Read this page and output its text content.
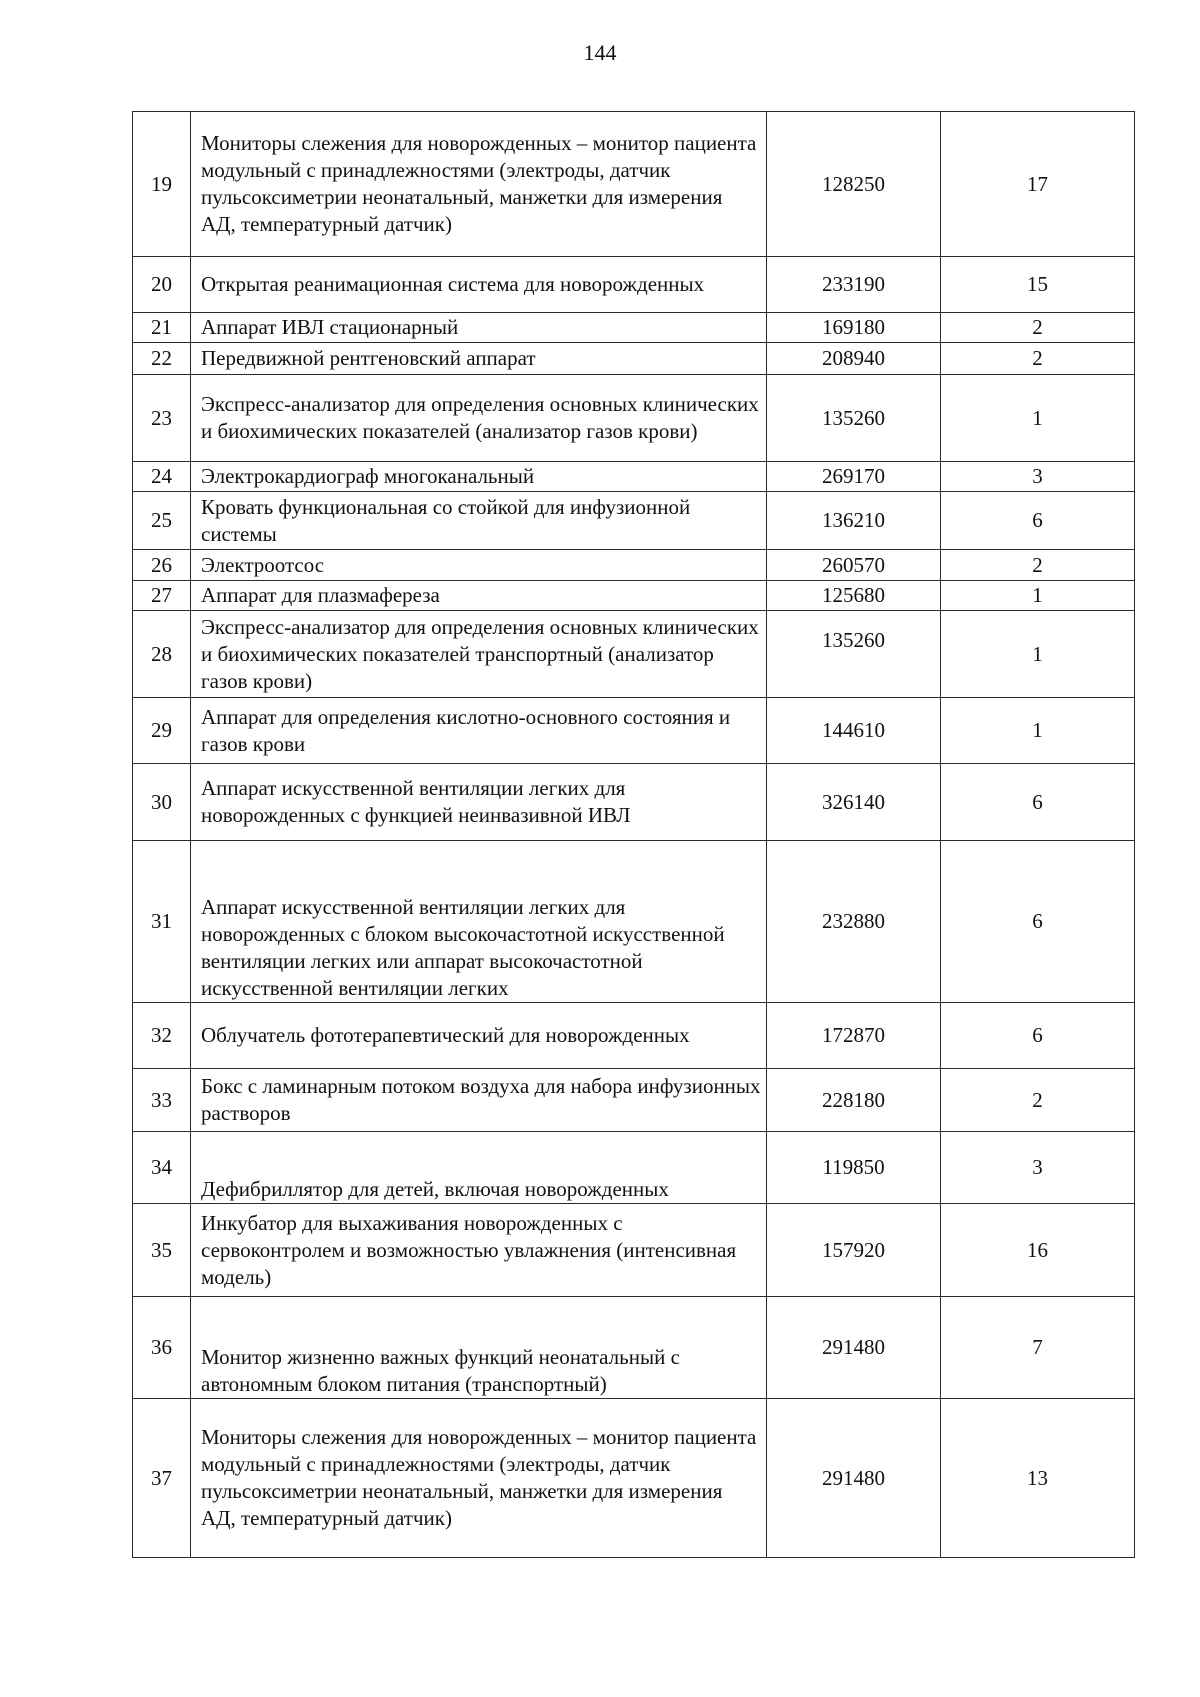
144
19	Мониторы слежения для новорожденных – монитор пациента модульный с принадлежностями (электроды, датчик пульсоксиметрии неонатальный, манжетки для измерения АД, температурный датчик)	128250	17
20	Открытая реанимационная система для новорожденных	233190	15
21	Аппарат ИВЛ стационарный	169180	2
22	Передвижной рентгеновский аппарат	208940	2
23	Экспресс-анализатор для определения основных клинических и биохимических показателей (анализатор газов крови)	135260	1
24	Электрокардиограф многоканальный	269170	3
25	Кровать функциональная со стойкой для инфузионной системы	136210	6
26	Электроотсос	260570	2
27	Аппарат для плазмафереза	125680	1
28	Экспресс-анализатор для определения основных клинических и биохимических показателей транспортный (анализатор газов крови)	135260	1
29	Аппарат для определения кислотно-основного состояния и газов крови	144610	1
30	Аппарат искусственной вентиляции легких для новорожденных с функцией неинвазивной ИВЛ	326140	6
31	Аппарат искусственной вентиляции легких для новорожденных с блоком высокочастотной искусственной вентиляции легких или аппарат высокочастотной искусственной вентиляции легких	232880	6
32	Облучатель фототерапевтический для новорожденных	172870	6
33	Бокс с ламинарным потоком воздуха для набора инфузионных растворов	228180	2
34	Дефибриллятор для детей, включая новорожденных	119850	3
35	Инкубатор для выхаживания новорожденных с сервоконтролем и возможностью увлажнения (интенсивная модель)	157920	16
36	Монитор жизненно важных функций неонатальный с автономным блоком питания (транспортный)	291480	7
37	Мониторы слежения для новорожденных – монитор пациента модульный с принадлежностями (электроды, датчик пульсоксиметрии неонатальный, манжетки для измерения АД, температурный датчик)	291480	13
